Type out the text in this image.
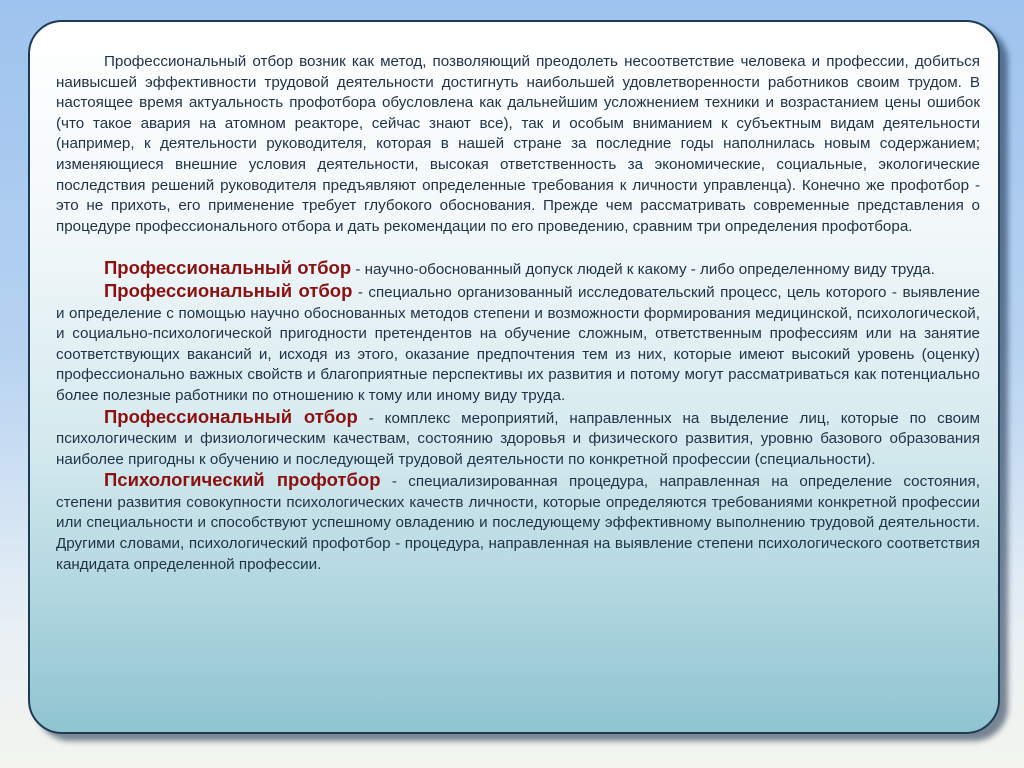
Профессиональный отбор возник как метод, позволяющий преодолеть несоответствие человека и профессии, добиться наивысшей эффективности трудовой деятельности достигнуть наибольшей удовлетворенности работников своим трудом. В настоящее время актуальность профотбора обусловлена как дальнейшим усложнением техники и возрастанием цены ошибок (что такое авария на атомном реакторе, сейчас знают все), так и особым вниманием к субъектным видам деятельности (например, к деятельности руководителя, которая в нашей стране за последние годы наполнилась новым содержанием; изменяющиеся внешние условия деятельности, высокая ответственность за экономические, социальные, экологические последствия решений руководителя предъявляют определенные требования к личности управленца). Конечно же профотбор - это не прихоть, его применение требует глубокого обоснования. Прежде чем рассматривать современные представления о процедуре профессионального отбора и дать рекомендации по его проведению, сравним три определения профотбора.

Профессиональный отбор - научно-обоснованный допуск людей к какому - либо определенному виду труда.

Профессиональный отбор - специально организованный исследовательский процесс, цель которого - выявление и определение с помощью научно обоснованных методов степени и возможности формирования медицинской, психологической, и социально-психологической пригодности претендентов на обучение сложным, ответственным профессиям или на занятие соответствующих вакансий и, исходя из этого, оказание предпочтения тем из них, которые имеют высокий уровень (оценку) профессионально важных свойств и благоприятные перспективы их развития и потому могут рассматриваться как потенциально более полезные работники по отношению к тому или иному виду труда.

Профессиональный отбор - комплекс мероприятий, направленных на выделение лиц, которые по своим психологическим и физиологическим качествам, состоянию здоровья и физического развития, уровню базового образования наиболее пригодны к обучению и последующей трудовой деятельности по конкретной профессии (специальности).

Психологический профотбор - специализированная процедура, направленная на определение состояния, степени развития совокупности психологических качеств личности, которые определяются требованиями конкретной профессии или специальности и способствуют успешному овладению и последующему эффективному выполнению трудовой деятельности. Другими словами, психологический профотбор - процедура, направленная на выявление степени психологического соответствия кандидата определенной профессии.
